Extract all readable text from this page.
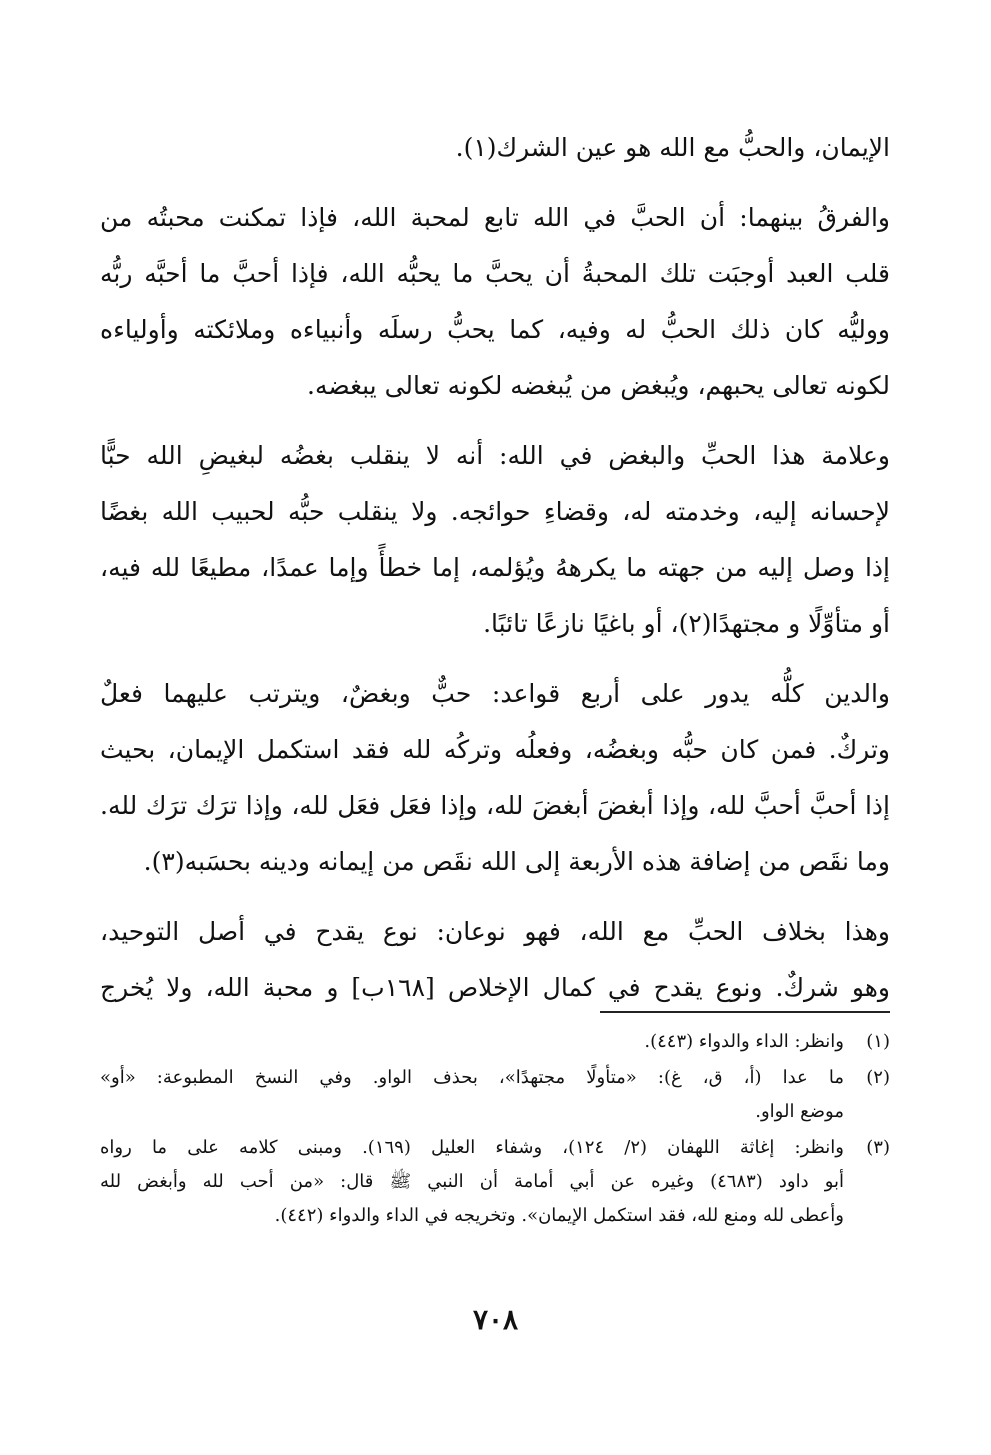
الإيمان، والحبُّ مع الله هو عين الشرك(١).
والفرقُ بينهما: أن الحبَّ في الله تابع لمحبة الله، فإذا تمكنت محبتُه من
قلب العبد أوجبَت تلك المحبةُ أن يحبَّ ما يحبُّه الله، فإذا أحبَّ ما أحبَّه ربُّه
ووليُّه كان ذلك الحبُّ له وفيه، كما يحبُّ رسلَه وأنبياءه وملائكته وأولياءه
لكونه تعالى يحبهم، ويُبغض من يُبغضه لكونه تعالى يبغضه.
وعلامة هذا الحبِّ والبغض في الله: أنه لا ينقلب بغضُه لبغيضِ الله حبًّا
لإحسانه إليه، وخدمته له، وقضاءِ حوائجه. ولا ينقلب حبُّه لحبيب الله بغضًا
إذا وصل إليه من جهته ما يكرههُ ويُؤلمه، إما خطأً وإما عمدًا، مطيعًا لله فيه،
أو متأوِّلًا و مجتهدًا(٢)، أو باغيًا نازعًا تائبًا.
والدين كلُّه يدور على أربع قواعد: حبٌّ وبغضٌ، ويترتب عليهما فعلٌ
وتركٌ. فمن كان حبُّه وبغضُه، وفعلُه وتركُه لله فقد استكمل الإيمان، بحيث
إذا أحبَّ أحبَّ لله، وإذا أبغضَ أبغضَ لله، وإذا فعَل فعَل لله، وإذا ترَك ترَك لله.
وما نقَص من إضافة هذه الأربعة إلى الله نقَص من إيمانه ودينه بحسَبه(٣).
وهذا بخلاف الحبِّ مع الله، فهو نوعان: نوع يقدح في أصل التوحيد،
وهو شركٌ. ونوع يقدح في كمال الإخلاص [١٦٨ب] و محبة الله، ولا يُخرج
(١)
وانظر: الداء والدواء (٤٤٣).
(٢)
ما عدا (أ، ق، غ): «متأولًا مجتهدًا»، بحذف الواو. وفي النسخ المطبوعة: «أو»
موضع الواو.
(٣)
وانظر: إغاثة اللهفان (٢/ ١٢٤)، وشفاء العليل (١٦٩). ومبنى كلامه على ما رواه
أبو داود (٤٦٨٣) وغيره عن أبي أمامة أن النبي ﷺ قال: «من أحب لله وأبغض لله
وأعطى لله ومنع لله، فقد استكمل الإيمان». وتخريجه في الداء والدواء (٤٤٢).
٧٠٨
